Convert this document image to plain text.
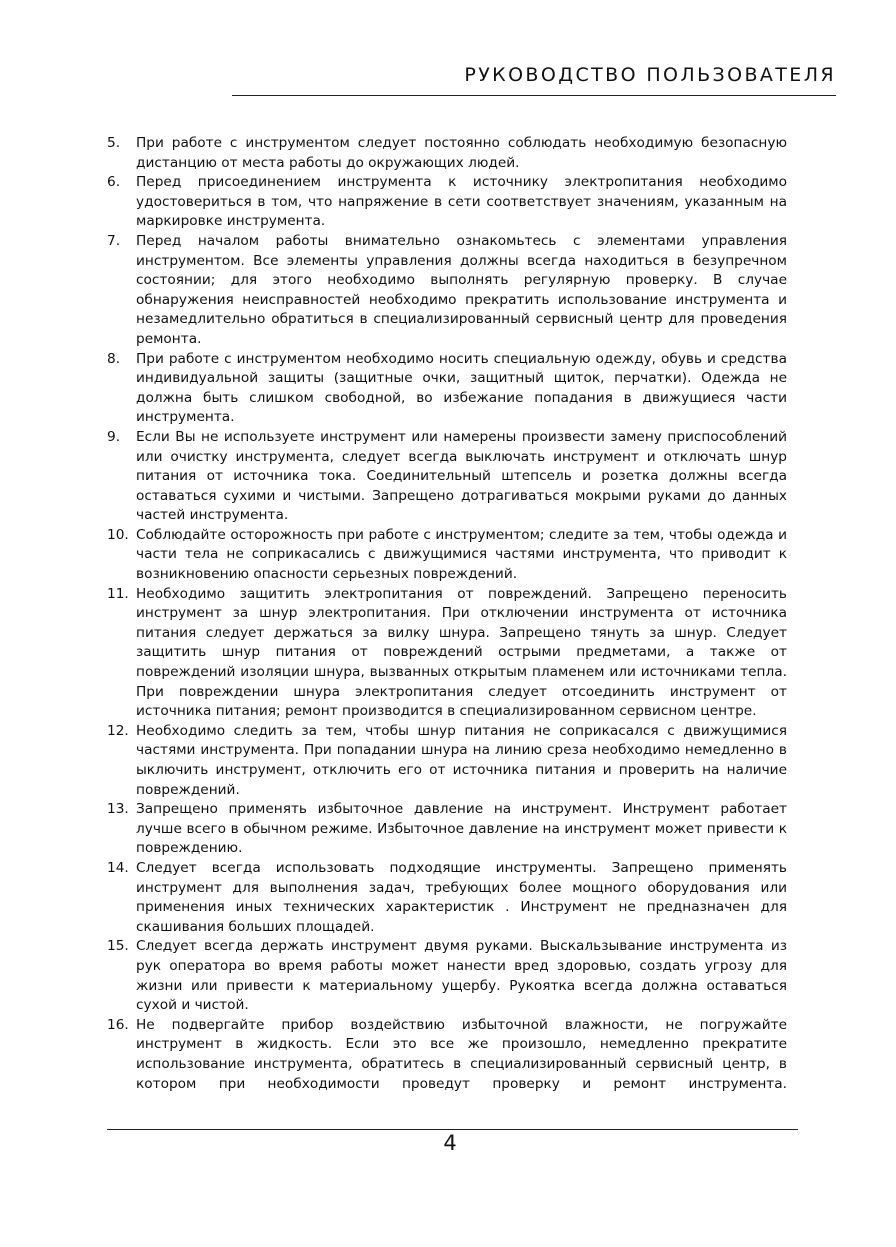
РУКОВОДСТВО ПОЛЬЗОВАТЕЛЯ
5. При работе с инструментом следует постоянно соблюдать необходимую безопасную дистанцию от места работы до окружающих людей.
6. Перед присоединением инструмента к источнику электропитания необходимо удостовериться в том, что напряжение в сети соответствует значениям, указанным на маркировке инструмента.
7. Перед началом работы внимательно ознакомьтесь с элементами управления инструментом. Все элементы управления должны всегда находиться в безупречном состоянии; для этого необходимо выполнять регулярную проверку. В случае обнаружения неисправностей необходимо прекратить использование инструмента и незамедлительно обратиться в специализированный сервисный центр для проведения ремонта.
8. При работе с инструментом необходимо носить специальную одежду, обувь и средства индивидуальной защиты (защитные очки, защитный щиток, перчатки). Одежда не должна быть слишком свободной, во избежание попадания в движущиеся части инструмента.
9. Если Вы не используете инструмент или намерены произвести замену приспособлений или очистку инструмента, следует всегда выключать инструмент и отключать шнур питания от источника тока. Соединительный штепсель и розетка должны всегда оставаться сухими и чистыми. Запрещено дотрагиваться мокрыми руками до данных частей инструмента.
10. Соблюдайте осторожность при работе с инструментом; следите за тем, чтобы одежда и части тела не соприкасались с движущимися частями инструмента, что приводит к возникновению опасности серьезных повреждений.
11. Необходимо защитить электропитания от повреждений. Запрещено переносить инструмент за шнур электропитания. При отключении инструмента от источника питания следует держаться за вилку шнура. Запрещено тянуть за шнур. Следует защитить шнур питания от повреждений острыми предметами, а также от повреждений изоляции шнура, вызванных открытым пламенем или источниками тепла. При повреждении шнура электропитания следует отсоединить инструмент от источника питания; ремонт производится в специализированном сервисном центре.
12. Необходимо следить за тем, чтобы шнур питания не соприкасался с движущимися частями инструмента. При попадании шнура на линию среза необходимо немедленно в ыключить инструмент, отключить его от источника питания и проверить на наличие повреждений.
13. Запрещено применять избыточное давление на инструмент. Инструмент работает лучше всего в обычном режиме. Избыточное давление на инструмент может привести к повреждению.
14. Следует всегда использовать подходящие инструменты. Запрещено применять инструмент для выполнения задач, требующих более мощного оборудования или применения иных технических характеристик . Инструмент не предназначен для скашивания больших площадей.
15. Следует всегда держать инструмент двумя руками. Выскальзывание инструмента из рук оператора во время работы может нанести вред здоровью, создать угрозу для жизни или привести к материальному ущербу. Рукоятка всегда должна оставаться сухой и чистой.
16. Не подвергайте прибор воздействию избыточной влажности, не погружайте инструмент в жидкость. Если это все же произошло, немедленно прекратите использование инструмента, обратитесь в специализированный сервисный центр, в котором при необходимости проведут проверку и ремонт инструмента.
4
